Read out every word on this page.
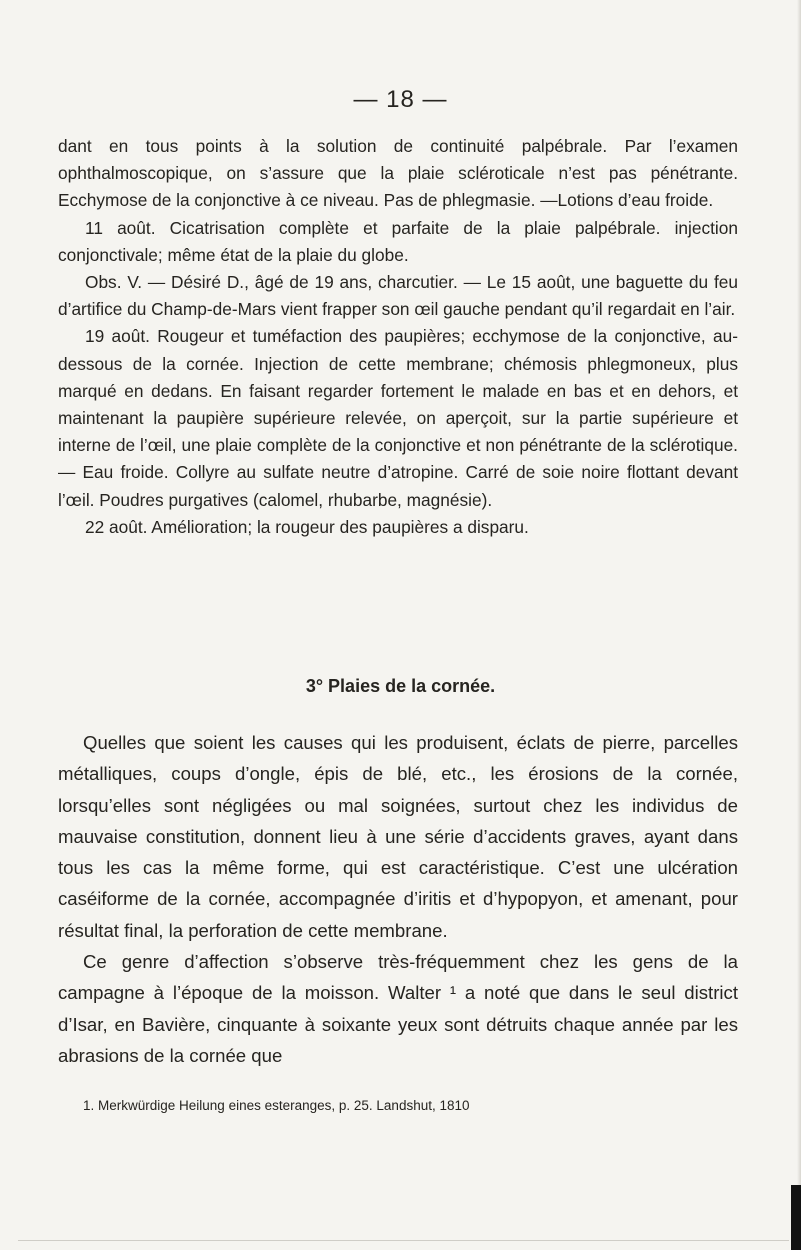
— 18 —

dant en tous points à la solution de continuité palpébrale. Par l’examen ophthalmoscopique, on s’assure que la plaie scléroticale n’est pas pénétrante. Ecchymose de la conjonctive à ce niveau. Pas de phlegmasie. —Lotions d’eau froide.

11 août. Cicatrisation complète et parfaite de la plaie palpébrale. injection conjonctivale; même état de la plaie du globe.

Obs. V. — Désiré D., âgé de 19 ans, charcutier. — Le 15 août, une baguette du feu d’artifice du Champ-de-Mars vient frapper son œil gauche pendant qu’il regardait en l’air.

19 août. Rougeur et tuméfaction des paupières; ecchymose de la conjonctive, au-dessous de la cornée. Injection de cette membrane; chémosis phlegmoneux, plus marqué en dedans. En faisant regarder fortement le malade en bas et en dehors, et maintenant la paupière supérieure relevée, on aperçoit, sur la partie supérieure et interne de l’œil, une plaie complète de la conjonctive et non pénétrante de la sclérotique. — Eau froide. Collyre au sulfate neutre d’atropine. Carré de soie noire flottant devant l’œil. Poudres purgatives (calomel, rhubarbe, magnésie).

22 août. Amélioration; la rougeur des paupières a disparu.

3° Plaies de la cornée.

Quelles que soient les causes qui les produisent, éclats de pierre, parcelles métalliques, coups d’ongle, épis de blé, etc., les érosions de la cornée, lorsqu’elles sont négligées ou mal soignées, surtout chez les individus de mauvaise constitution, donnent lieu à une série d’accidents graves, ayant dans tous les cas la même forme, qui est caractéristique. C’est une ulcération caséiforme de la cornée, accompagnée d’iritis et d’hypopyon, et amenant, pour résultat final, la perforation de cette membrane.

Ce genre d’affection s’observe très-fréquemment chez les gens de la campagne à l’époque de la moisson. Walter ¹ a noté que dans le seul district d’Isar, en Bavière, cinquante à soixante yeux sont détruits chaque année par les abrasions de la cornée que

1. Merkwürdige Heilung eines esteranges, p. 25. Landshut, 1810
